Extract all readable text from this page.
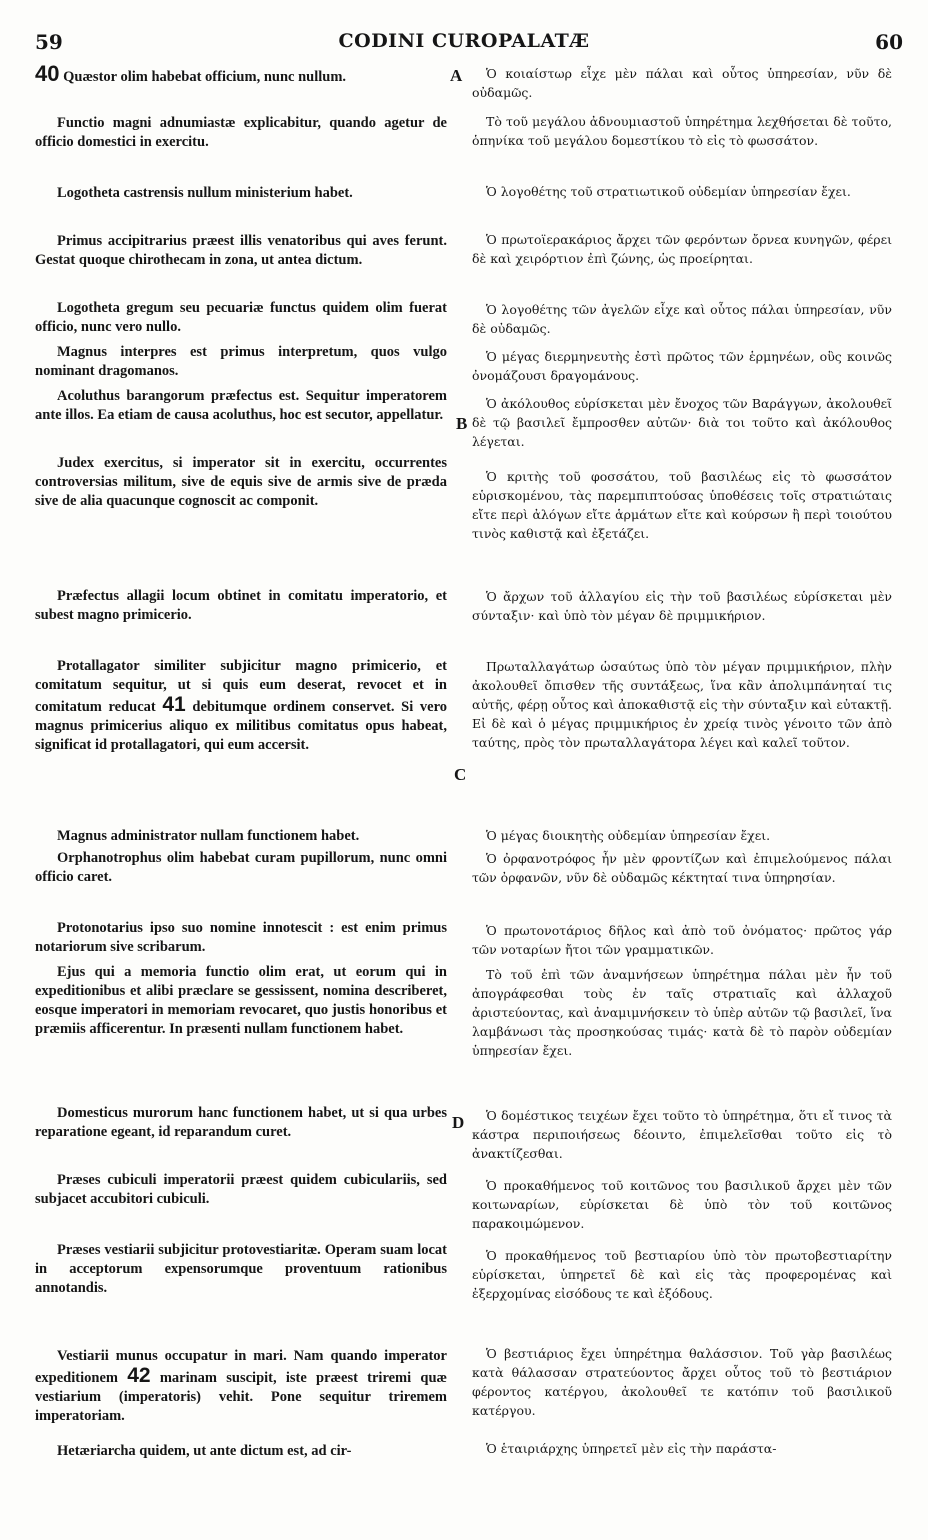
59	CODINI CUROPALATÆ	60
40 Quæstor olim habebat officium, nunc nullum.
Functio magni adnumiastæ explicabitur, quando agetur de officio domestici in exercitu.
Logotheta castrensis nullum ministerium habet.
Primus accipitrarius præest illis venatoribus qui aves ferunt. Gestat quoque chirothecam in zona, ut antea dictum.
Logotheta gregum seu pecuariæ functus quidem olim fuerat officio, nunc vero nullo.
Magnus interpres est primus interpretum, quos vulgo nominant dragomanos.
Acoluthus barangorum præfectus est. Sequitur imperatorem ante illos. Ea etiam de causa acoluthus, hoc est secutor, appellatur.
Judex exercitus, si imperator sit in exercitu, occurrentes controversias militum, sive de equis sive de armis sive de præda sive de alia quacunque cognoscit ac componit.
Præfectus allagii locum obtinet in comitatu imperatorio, et subest magno primicerio.
Protallagator similiter subjicitur magno primicerio, et comitatum sequitur, ut si quis eum deserat, revocet et in comitatum reducat 41 debitumque ordinem conservet. Si vero magnus primicerius aliquo ex militibus comitatus opus habeat, significat id protallagatori, qui eum accersit.
Magnus administrator nullam functionem habet.
Orphanotrophus olim habebat curam pupillorum, nunc omni officio caret.
Protonotarius ipso suo nomine innotescit : est enim primus notariorum sive scribarum.
Ejus qui a memoria functio olim erat, ut eorum qui in expeditionibus et alibi præclare se gessissent, nomina describeret, eosque imperatori in memoriam revocaret, quo justis honoribus et præmiis afficerentur. In præsenti nullam functionem habet.
Domesticus murorum hanc functionem habet, ut si qua urbes reparatione egeant, id reparandum curet.
Præses cubiculi imperatorii præest quidem cubiculariis, sed subjacet accubitori cubiculi.
Præses vestiarii subjicitur protovestiaritæ. Operam suam locat in acceptorum expensorumque proventuum rationibus annotandis.
Vestiarii munus occupatur in mari. Nam quando imperator expeditionem 42 marinam suscipit, iste præest triremi quæ vestiarium (imperatoris) vehit. Pone sequitur triremem imperatoriam.
Hetæriarcha quidem, ut ante dictum est, ad cir-
A
B
C
D
Ὁ κοιαίστωρ εἶχε μὲν πάλαι καὶ οὗτος ὑπηρεσίαν, νῦν δὲ οὐδαμῶς.
Τὸ τοῦ μεγάλου ἀδνουμιαστοῦ ὑπηρέτημα λεχθήσεται δὲ τοῦτο, ὁπηνίκα τοῦ μεγάλου δομεστίκου τὸ εἰς τὸ φωσσάτον.
Ὁ λογοθέτης τοῦ στρατιωτικοῦ οὐδεμίαν ὑπηρεσίαν ἔχει.
Ὁ πρωτοϊερακάριος ἄρχει τῶν φερόντων ὄρνεα κυνηγῶν, φέρει δὲ καὶ χειρόρτιον ἐπὶ ζώνης, ὡς προείρηται.
Ὁ λογοθέτης τῶν ἀγελῶν εἶχε καὶ οὗτος πάλαι ὑπηρεσίαν, νῦν δὲ οὐδαμῶς.
Ὁ μέγας διερμηνευτὴς ἐστὶ πρῶτος τῶν ἑρμηνέων, οὓς κοινῶς ὀνομάζουσι δραγομάνους.
Ὁ ἀκόλουθος εὑρίσκεται μὲν ἔνοχος τῶν Βαράγγων, ἀκολουθεῖ δὲ τῷ βασιλεῖ ἔμπροσθεν αὐτῶν· διὰ τοι τοῦτο καὶ ἀκόλουθος λέγεται.
Ὁ κριτὴς τοῦ φοσσάτου, τοῦ βασιλέως εἰς τὸ φωσσάτον εὑρισκομένου, τὰς παρεμπιπτούσας ὑποθέσεις τοῖς στρατιώταις εἴτε περὶ ἀλόγων εἴτε ἁρμάτων εἴτε καὶ κούρσων ἢ περὶ τοιούτου τινὸς καθιστᾷ καὶ ἐξετάζει.
Ὁ ἄρχων τοῦ ἀλλαγίου εἰς τὴν τοῦ βασιλέως εὑρίσκεται μὲν σύνταξιν· καὶ ὑπὸ τὸν μέγαν δὲ πριμμικήριον.
Πρωταλλαγάτωρ ὡσαύτως ὑπὸ τὸν μέγαν πριμμικήριον, πλὴν ἀκολουθεῖ ὄπισθεν τῆς συντάξεως, ἵνα κἂν ἀπολιμπάνηταί τις αὐτῆς, φέρῃ οὗτος καὶ ἀποκαθιστᾷ εἰς τὴν σύνταξιν καὶ εὐτακτῇ. Εἰ δὲ καὶ ὁ μέγας πριμμικήριος ἐν χρείᾳ τινὸς γένοιτο τῶν ἀπὸ ταύτης, πρὸς τὸν πρωταλλαγάτορα λέγει καὶ καλεῖ τοῦτον.
Ὁ μέγας διοικητὴς οὐδεμίαν ὑπηρεσίαν ἔχει.
Ὁ ὀρφανοτρόφος ἦν μὲν φροντίζων καὶ ἐπιμελούμενος πάλαι τῶν ὀρφανῶν, νῦν δὲ οὐδαμῶς κέκτηταί τινα ὑπηρησίαν.
Ὁ πρωτονοτάριος δῆλος καὶ ἀπὸ τοῦ ὀνόματος· πρῶτος γάρ τῶν νοταρίων ἤτοι τῶν γραμματικῶν.
Τὸ τοῦ ἐπὶ τῶν ἀναμνήσεων ὑπηρέτημα πάλαι μὲν ἦν τοῦ ἀπογράφεσθαι τοὺς ἐν ταῖς στρατιαῖς καὶ ἀλλαχοῦ ἀριστεύοντας, καὶ ἀναμιμνήσκειν τὸ ὑπὲρ αὐτῶν τῷ βασιλεῖ, ἵνα λαμβάνωσι τὰς προσηκούσας τιμάς· κατὰ δὲ τὸ παρὸν οὐδεμίαν ὑπηρεσίαν ἔχει.
Ὁ δομέστικος τειχέων ἔχει τοῦτο τὸ ὑπηρέτημα, ὅτι εἴ τινος τὰ κάστρα περιποιήσεως δέοιντο, ἐπιμελεῖσθαι τοῦτο εἰς τὸ ἀνακτίζεσθαι.
Ὁ προκαθήμενος τοῦ κοιτῶνος του βασιλικοῦ ἄρχει μὲν τῶν κοιτωναρίων, εὑρίσκεται δὲ ὑπὸ τὸν τοῦ κοιτῶνος παρακοιμώμενον.
Ὁ προκαθήμενος τοῦ βεστιαρίου ὑπὸ τὸν πρωτοβεστιαρίτην εὑρίσκεται, ὑπηρετεῖ δὲ καὶ εἰς τὰς προφερομένας καὶ ἐξερχομίνας εἰσόδους τε καὶ ἐξόδους.
Ὁ βεστιάριος ἔχει ὑπηρέτημα θαλάσσιον. Τοῦ γὰρ βασιλέως κατὰ θάλασσαν στρατεύοντος ἄρχει οὗτος τοῦ τὸ βεστιάριον φέροντος κατέργου, ἀκολουθεῖ τε κατόπιν τοῦ βασιλικοῦ κατέργου.
Ὁ ἑταιριάρχης ὑπηρετεῖ μὲν εἰς τὴν παράστα-
